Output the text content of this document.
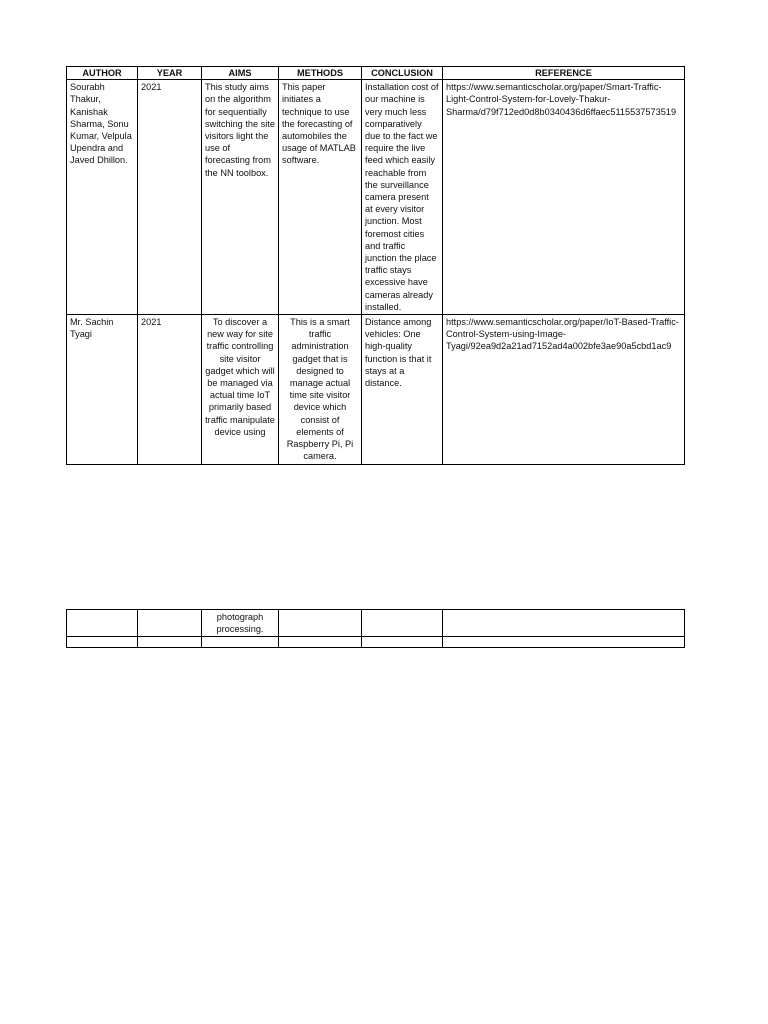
AUTHOR	YEAR	AIMS	METHODS	CONCLUSION	REFERENCE
Sourabh Thakur, Kanishak Sharma, Sonu Kumar, Velpula Upendra and Javed Dhillon.	2021	This study aims on the algorithm for sequentially switching the site visitors light the use of forecasting from the NN toolbox.	This paper initiates a technique to use the forecasting of automobiles the usage of MATLAB software.	Installation cost of our machine is very much less comparatively due to the fact we require the live feed which easily reachable from the surveillance camera present at every visitor junction. Most foremost cities and traffic junction the place traffic stays excessive have cameras already installed.	https://www.semanticscholar.org/paper/Smart-Traffic-Light-Control-System-for-Lovely-Thakur-Sharma/d79f712ed0d8b0340436d6ffaec5115537573519
Mr. Sachin Tyagi	2021	To discover a new way for site traffic controlling site visitor gadget which will be managed via actual time IoT primarily based traffic manipulate device using	This is a smart traffic administration gadget that is designed to manage actual time site visitor device which consist of elements of Raspberry Pi, Pi camera.	Distance among vehicles: One high-quality function is that it stays at a distance.	https://www.semanticscholar.org/paper/IoT-Based-Traffic-Control-System-using-Image-Tyagi/92ea9d2a21ad7152ad4a002bfe3ae90a5cbd1ac9
		photograph processing.			
